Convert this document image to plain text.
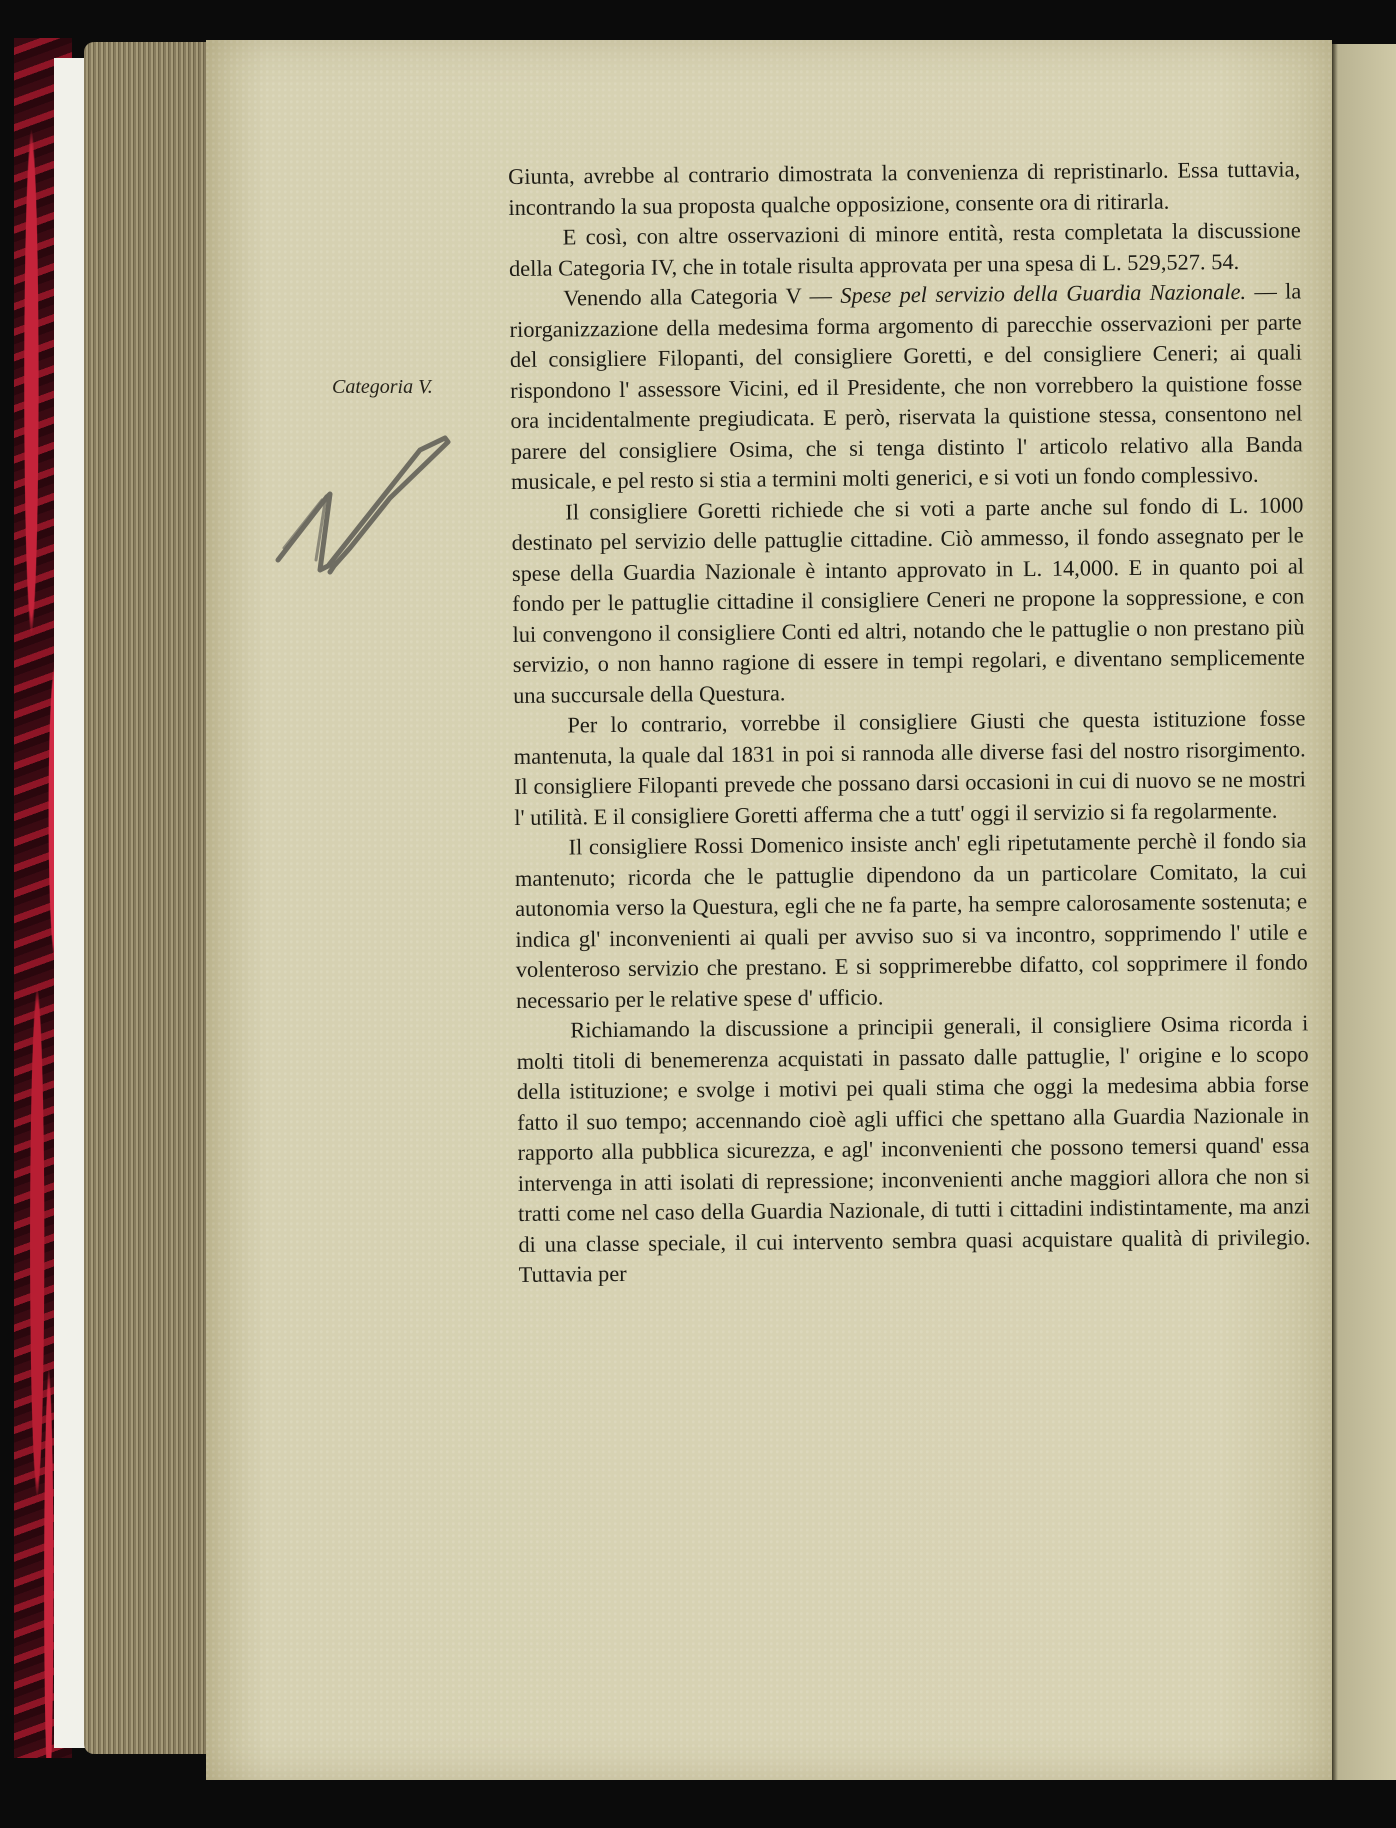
Categoria V.

Giunta, avrebbe al contrario dimostrata la convenienza di repristinarlo. Essa tuttavia, incontrando la sua proposta qualche opposizione, consente ora di ritirarla.

E così, con altre osservazioni di minore entità, resta completata la discussione della Categoria IV, che in totale risulta approvata per una spesa di L. 529,527. 54.

Venendo alla Categoria V — Spese pel servizio della Guardia Nazionale. — la riorganizzazione della medesima forma argomento di parecchie osservazioni per parte del consigliere Filopanti, del consigliere Goretti, e del consigliere Ceneri; ai quali rispondono l' assessore Vicini, ed il Presidente, che non vorrebbero la quistione fosse ora incidentalmente pregiudicata. E però, riservata la quistione stessa, consentono nel parere del consigliere Osima, che si tenga distinto l' articolo relativo alla Banda musicale, e pel resto si stia a termini molti generici, e si voti un fondo complessivo.

Il consigliere Goretti richiede che si voti a parte anche sul fondo di L. 1000 destinato pel servizio delle pattuglie cittadine. Ciò ammesso, il fondo assegnato per le spese della Guardia Nazionale è intanto approvato in L. 14,000. E in quanto poi al fondo per le pattuglie cittadine il consigliere Ceneri ne propone la soppressione, e con lui convengono il consigliere Conti ed altri, notando che le pattuglie o non prestano più servizio, o non hanno ragione di essere in tempi regolari, e diventano semplicemente una succursale della Questura.

Per lo contrario, vorrebbe il consigliere Giusti che questa istituzione fosse mantenuta, la quale dal 1831 in poi si rannoda alle diverse fasi del nostro risorgimento. Il consigliere Filopanti prevede che possano darsi occasioni in cui di nuovo se ne mostri l' utilità. E il consigliere Goretti afferma che a tutt' oggi il servizio si fa regolarmente.

Il consigliere Rossi Domenico insiste anch' egli ripetutamente perchè il fondo sia mantenuto; ricorda che le pattuglie dipendono da un particolare Comitato, la cui autonomia verso la Questura, egli che ne fa parte, ha sempre calorosamente sostenuta; e indica gl' inconvenienti ai quali per avviso suo si va incontro, sopprimendo l' utile e volenteroso servizio che prestano. E si sopprimerebbe difatto, col sopprimere il fondo necessario per le relative spese d' ufficio.

Richiamando la discussione a principii generali, il consigliere Osima ricorda i molti titoli di benemerenza acquistati in passato dalle pattuglie, l' origine e lo scopo della istituzione; e svolge i motivi pei quali stima che oggi la medesima abbia forse fatto il suo tempo; accennando cioè agli uffici che spettano alla Guardia Nazionale in rapporto alla pubblica sicurezza, e agl' inconvenienti che possono temersi quand' essa intervenga in atti isolati di repressione; inconvenienti anche maggiori allora che non si tratti come nel caso della Guardia Nazionale, di tutti i cittadini indistintamente, ma anzi di una classe speciale, il cui intervento sembra quasi acquistare qualità di privilegio. Tuttavia per
